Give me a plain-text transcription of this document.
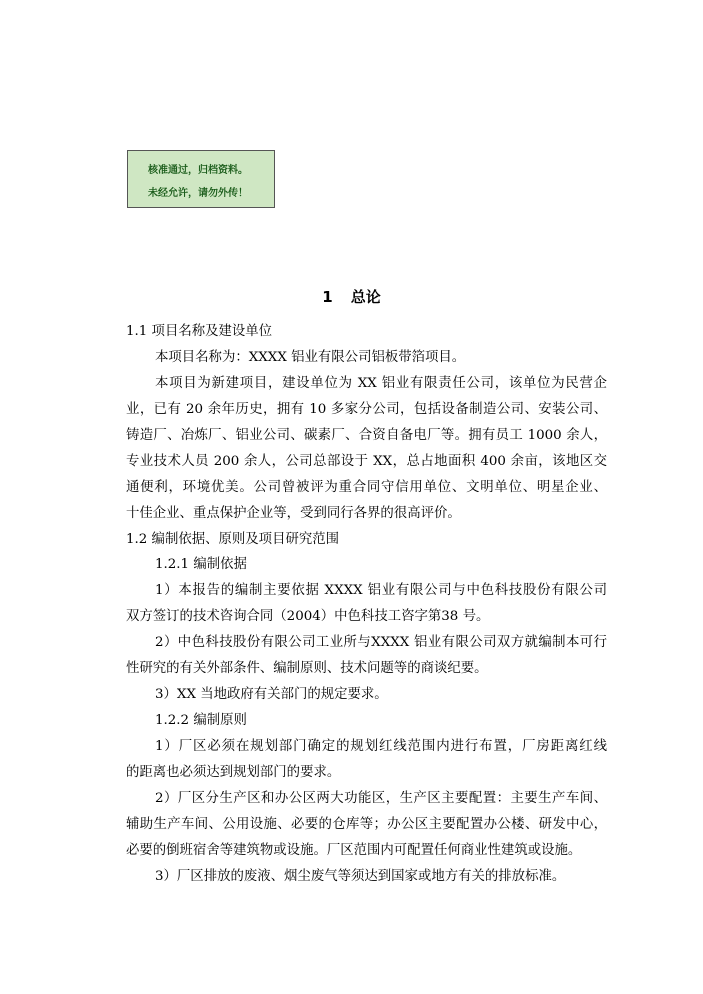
核准通过，归档资料。
未经允许，请勿外传！
1 总论
1.1 项目名称及建设单位
本项目名称为：XXXX 铝业有限公司铝板带箔项目。
本项目为新建项目，建设单位为 XX 铝业有限责任公司，该单位为民营企
业，已有 20 余年历史，拥有 10 多家分公司，包括设备制造公司、安装公司、
铸造厂、冶炼厂、铝业公司、碳素厂、合资自备电厂等。拥有员工 1000 余人，
专业技术人员 200 余人，公司总部设于 XX，总占地面积 400 余亩，该地区交
通便利，环境优美。公司曾被评为重合同守信用单位、文明单位、明星企业、
十佳企业、重点保护企业等，受到同行各界的很高评价。
1.2 编制依据、原则及项目研究范围
1.2.1 编制依据
1）本报告的编制主要依据 XXXX 铝业有限公司与中色科技股份有限公司
双方签订的技术咨询合同（2004）中色科技工咨字第38 号。
2）中色科技股份有限公司工业所与XXXX 铝业有限公司双方就编制本可行
性研究的有关外部条件、编制原则、技术问题等的商谈纪要。
3）XX 当地政府有关部门的规定要求。
1.2.2 编制原则
1）厂区必须在规划部门确定的规划红线范围内进行布置，厂房距离红线
的距离也必须达到规划部门的要求。
2）厂区分生产区和办公区两大功能区，生产区主要配置：主要生产车间、
辅助生产车间、公用设施、必要的仓库等；办公区主要配置办公楼、研发中心，
必要的倒班宿舍等建筑物或设施。厂区范围内可配置任何商业性建筑或设施。
3）厂区排放的废液、烟尘废气等须达到国家或地方有关的排放标准。
